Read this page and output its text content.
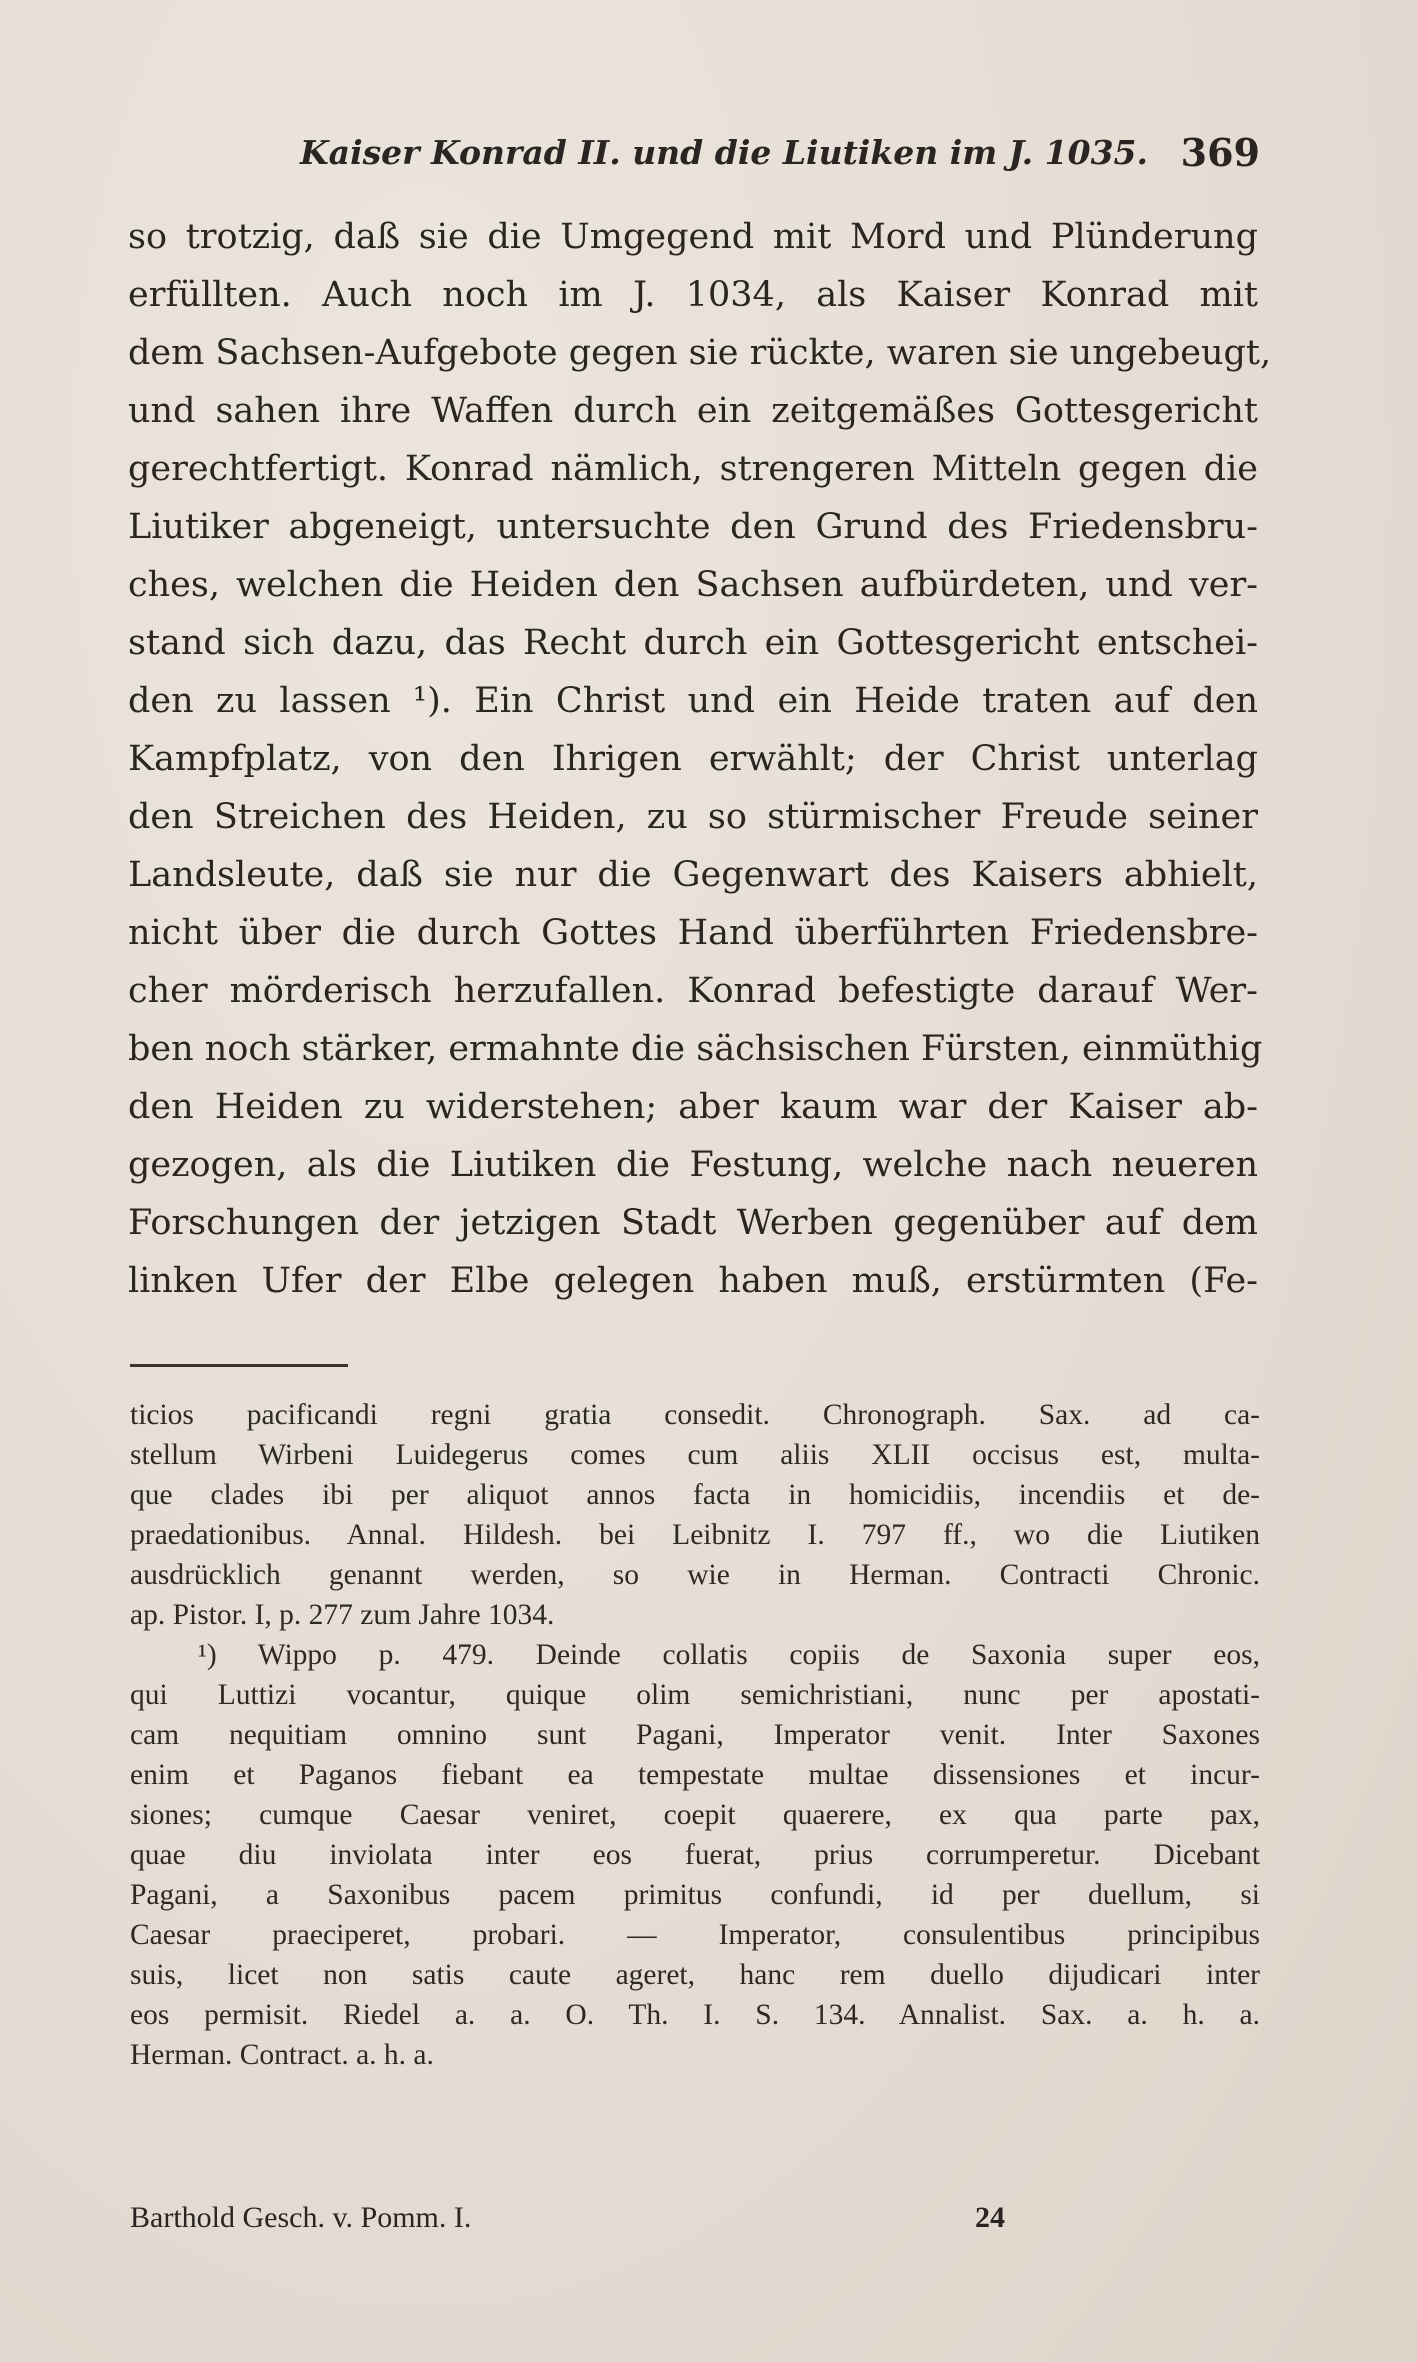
Kaiser Konrad II. und die Liutiken im J. 1035. 369
so trotzig, daß sie die Umgegend mit Mord und Plünderung
erfüllten. Auch noch im J. 1034, als Kaiser Konrad mit
dem Sachsen-Aufgebote gegen sie rückte, waren sie ungebeugt,
und sahen ihre Waffen durch ein zeitgemäßes Gottesgericht
gerechtfertigt. Konrad nämlich, strengeren Mitteln gegen die
Liutiker abgeneigt, untersuchte den Grund des Friedensbru-
ches, welchen die Heiden den Sachsen aufbürdeten, und ver-
stand sich dazu, das Recht durch ein Gottesgericht entschei-
den zu lassen ¹). Ein Christ und ein Heide traten auf den
Kampfplatz, von den Ihrigen erwählt; der Christ unterlag
den Streichen des Heiden, zu so stürmischer Freude seiner
Landsleute, daß sie nur die Gegenwart des Kaisers abhielt,
nicht über die durch Gottes Hand überführten Friedensbre-
cher mörderisch herzufallen. Konrad befestigte darauf Wer-
ben noch stärker, ermahnte die sächsischen Fürsten, einmüthig
den Heiden zu widerstehen; aber kaum war der Kaiser ab-
gezogen, als die Liutiken die Festung, welche nach neueren
Forschungen der jetzigen Stadt Werben gegenüber auf dem
linken Ufer der Elbe gelegen haben muß, erstürmten (Fe-
ticios pacificandi regni gratia consedit. Chronograph. Sax. ad ca-
stellum Wirbeni Luidegerus comes cum aliis XLII occisus est, multa-
que clades ibi per aliquot annos facta in homicidiis, incendiis et de-
praedationibus. Annal. Hildesh. bei Leibnitz I. 797 ff., wo die Liutiken
ausdrücklich genannt werden, so wie in Herman. Contracti Chronic.
ap. Pistor. I, p. 277 zum Jahre 1034.
¹) Wippo p. 479. Deinde collatis copiis de Saxonia super eos,
qui Luttizi vocantur, quique olim semichristiani, nunc per apostati-
cam nequitiam omnino sunt Pagani, Imperator venit. Inter Saxones
enim et Paganos fiebant ea tempestate multae dissensiones et incur-
siones; cumque Caesar veniret, coepit quaerere, ex qua parte pax,
quae diu inviolata inter eos fuerat, prius corrumperetur. Dicebant
Pagani, a Saxonibus pacem primitus confundi, id per duellum, si
Caesar praeciperet, probari. — Imperator, consulentibus principibus
suis, licet non satis caute ageret, hanc rem duello dijudicari inter
eos permisit. Riedel a. a. O. Th. I. S. 134. Annalist. Sax. a. h. a.
Herman. Contract. a. h. a.
Barthold Gesch. v. Pomm. I.	24
